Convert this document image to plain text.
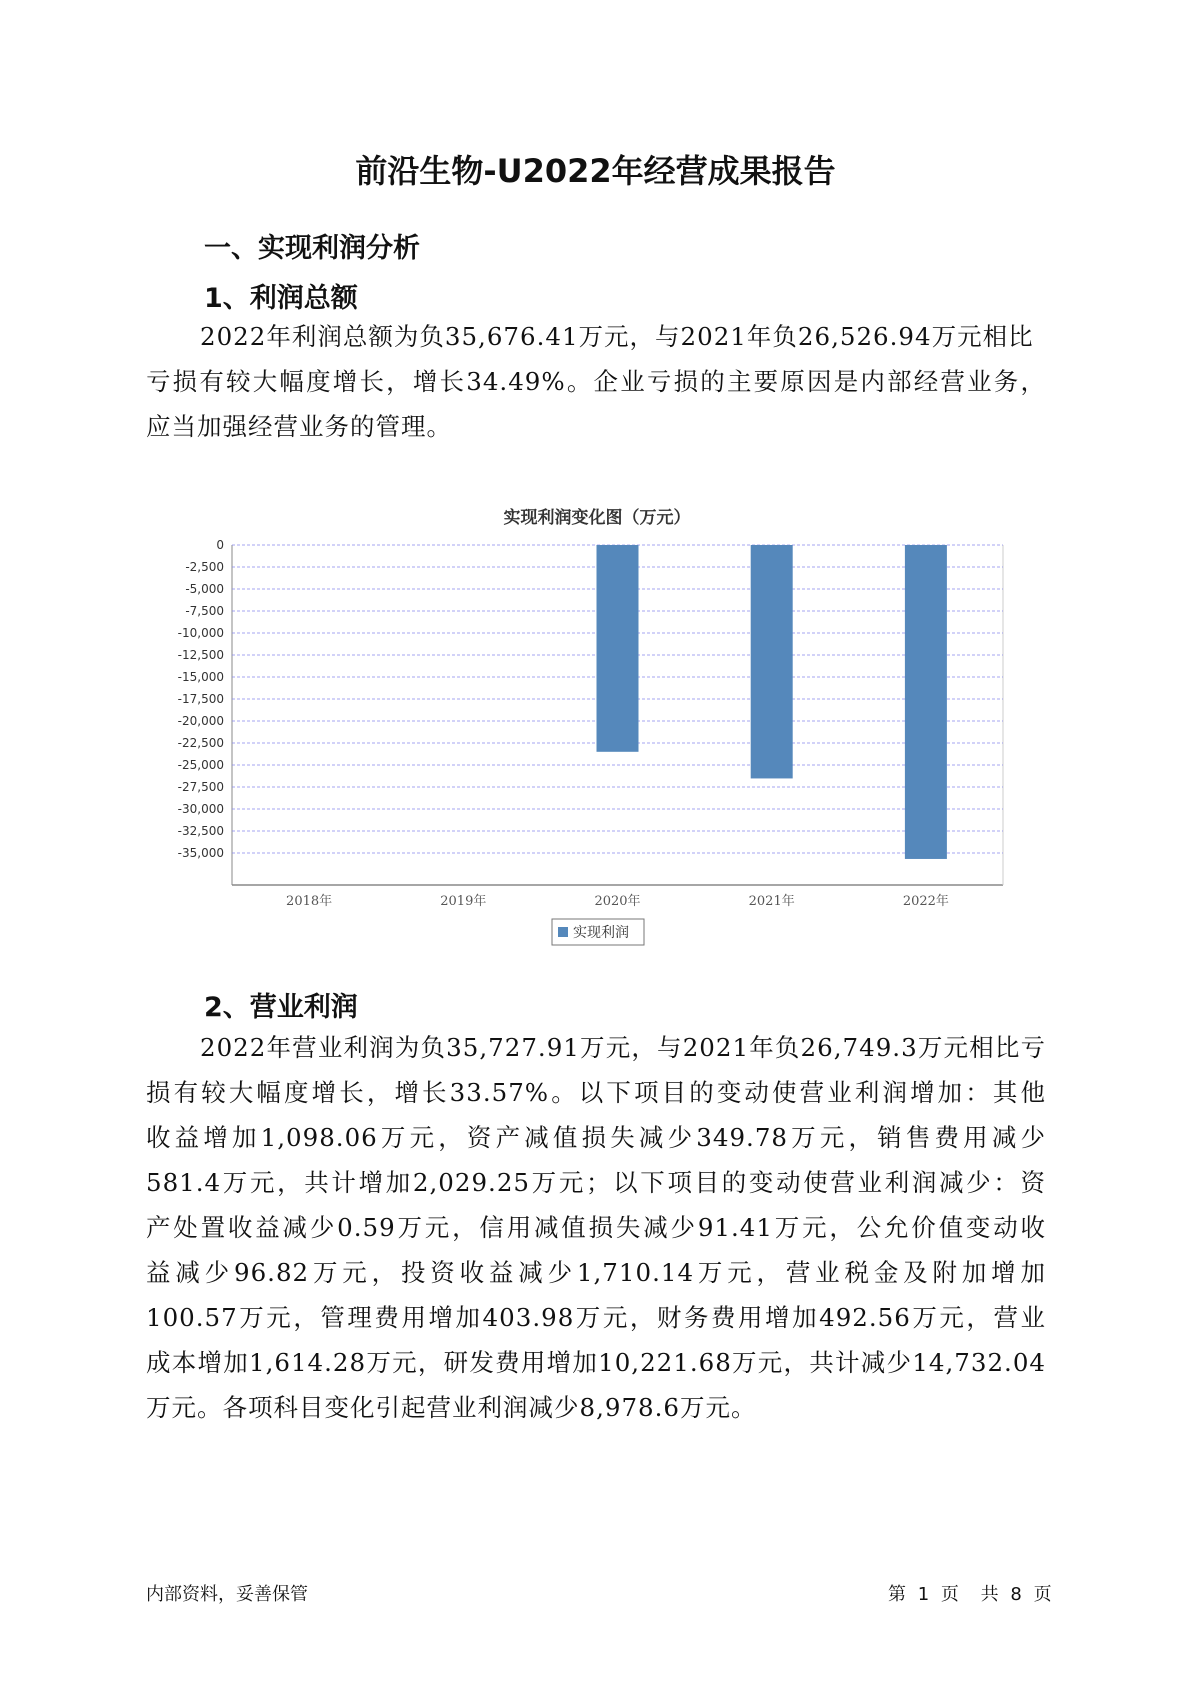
前沿生物-U2022年经营成果报告
一、实现利润分析
1、利润总额
2022年利润总额为负35,676.41万元，与2021年负26,526.94万元相比
亏损有较大幅度增长，增长34.49%。企业亏损的主要原因是内部经营业务，
应当加强经营业务的管理。
实现利润变化图（万元）
0
-2,500
-5,000
-7,500
-10,000
-12,500
-15,000
-17,500
-20,000
-22,500
-25,000
-27,500
-30,000
-32,500
-35,000
2018年	2019年	2020年	2021年	2022年
实现利润
2、营业利润
2022年营业利润为负35,727.91万元，与2021年负26,749.3万元相比亏
损有较大幅度增长，增长33.57%。以下项目的变动使营业利润增加：其他
收益增加1,098.06万元，资产减值损失减少349.78万元，销售费用减少
581.4万元，共计增加2,029.25万元；以下项目的变动使营业利润减少：资
产处置收益减少0.59万元，信用减值损失减少91.41万元，公允价值变动收
益减少96.82万元，投资收益减少1,710.14万元，营业税金及附加增加
100.57万元，管理费用增加403.98万元，财务费用增加492.56万元，营业
成本增加1,614.28万元，研发费用增加10,221.68万元，共计减少14,732.04
万元。各项科目变化引起营业利润减少8,978.6万元。
内部资料，妥善保管	第 1 页 共 8 页
